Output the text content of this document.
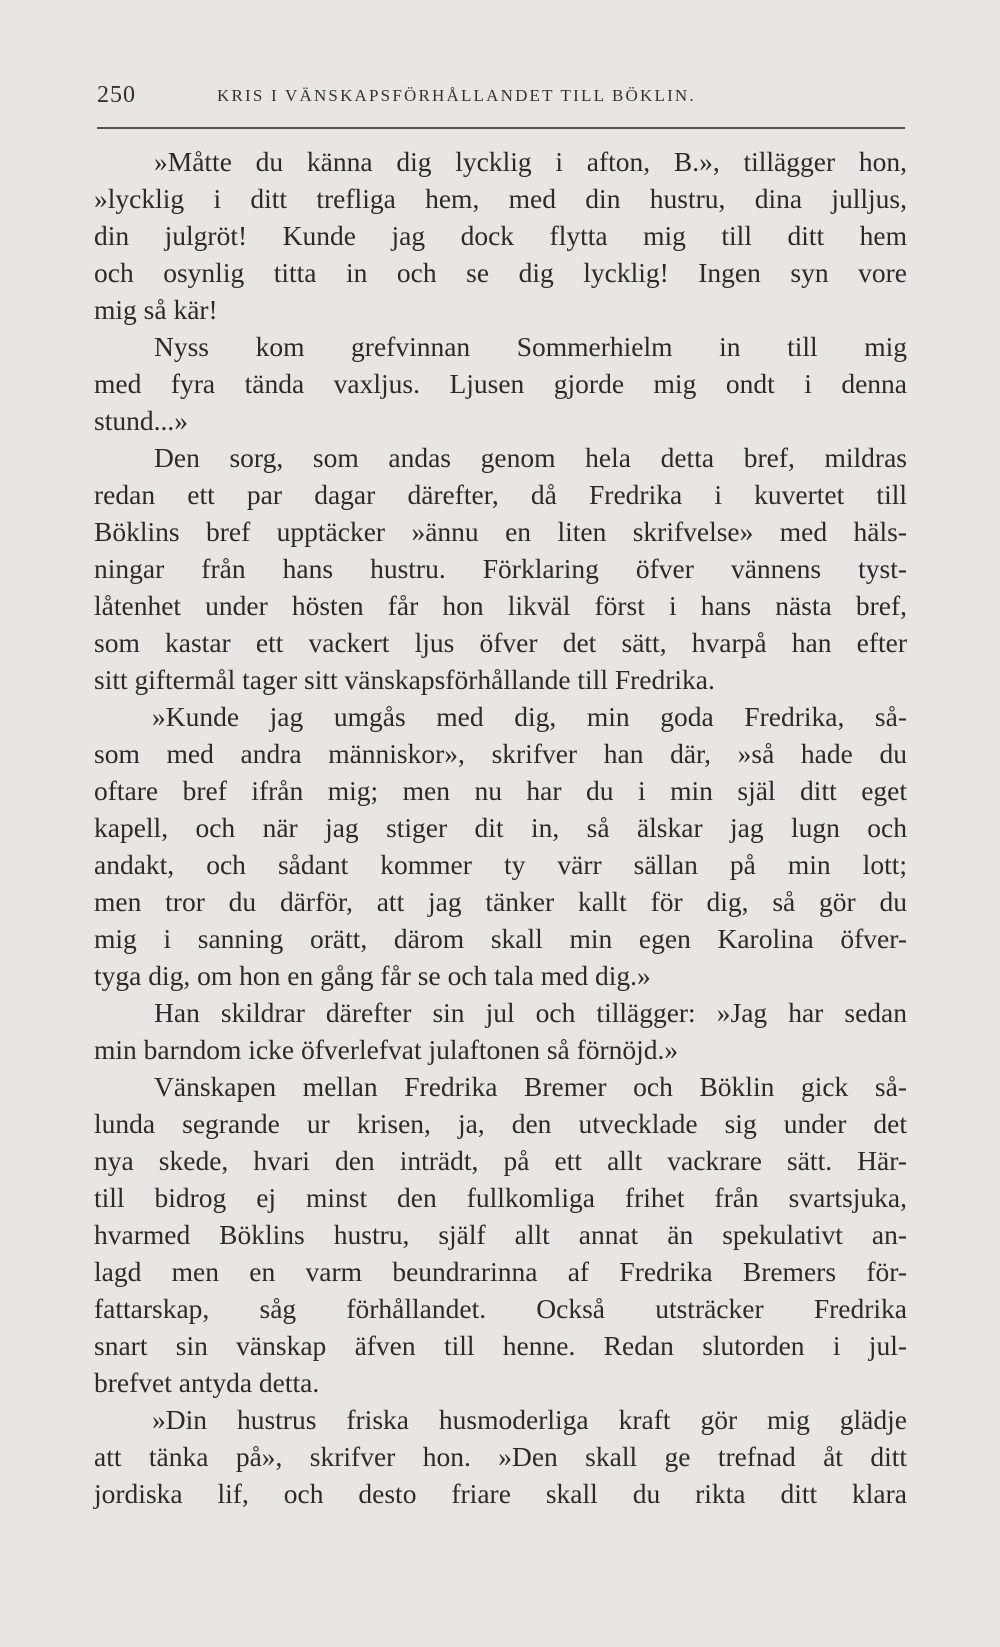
250	KRIS I VÄNSKAPSFÖRHÅLLANDET TILL BÖKLIN.
»Måtte du känna dig lycklig i afton, B.», tillägger hon,
»lycklig i ditt trefliga hem, med din hustru, dina julljus,
din julgröt! Kunde jag dock flytta mig till ditt hem
och osynlig titta in och se dig lycklig! Ingen syn vore
mig så kär!
Nyss kom grefvinnan Sommerhielm in till mig
med fyra tända vaxljus. Ljusen gjorde mig ondt i denna
stund...»
Den sorg, som andas genom hela detta bref, mildras
redan ett par dagar därefter, då Fredrika i kuvertet till
Böklins bref upptäcker »ännu en liten skrifvelse» med häls-
ningar från hans hustru. Förklaring öfver vännens tyst-
låtenhet under hösten får hon likväl först i hans nästa bref,
som kastar ett vackert ljus öfver det sätt, hvarpå han efter
sitt giftermål tager sitt vänskapsförhållande till Fredrika.
»Kunde jag umgås med dig, min goda Fredrika, så-
som med andra människor», skrifver han där, »så hade du
oftare bref ifrån mig; men nu har du i min själ ditt eget
kapell, och när jag stiger dit in, så älskar jag lugn och
andakt, och sådant kommer ty värr sällan på min lott;
men tror du därför, att jag tänker kallt för dig, så gör du
mig i sanning orätt, därom skall min egen Karolina öfver-
tyga dig, om hon en gång får se och tala med dig.»
Han skildrar därefter sin jul och tillägger: »Jag har sedan
min barndom icke öfverlefvat julaftonen så förnöjd.»
Vänskapen mellan Fredrika Bremer och Böklin gick så-
lunda segrande ur krisen, ja, den utvecklade sig under det
nya skede, hvari den inträdt, på ett allt vackrare sätt. Här-
till bidrog ej minst den fullkomliga frihet från svartsjuka,
hvarmed Böklins hustru, själf allt annat än spekulativt an-
lagd men en varm beundrarinna af Fredrika Bremers för-
fattarskap, såg förhållandet. Också utsträcker Fredrika
snart sin vänskap äfven till henne. Redan slutorden i jul-
brefvet antyda detta.
»Din hustrus friska husmoderliga kraft gör mig glädje
att tänka på», skrifver hon. »Den skall ge trefnad åt ditt
jordiska lif, och desto friare skall du rikta ditt klara
